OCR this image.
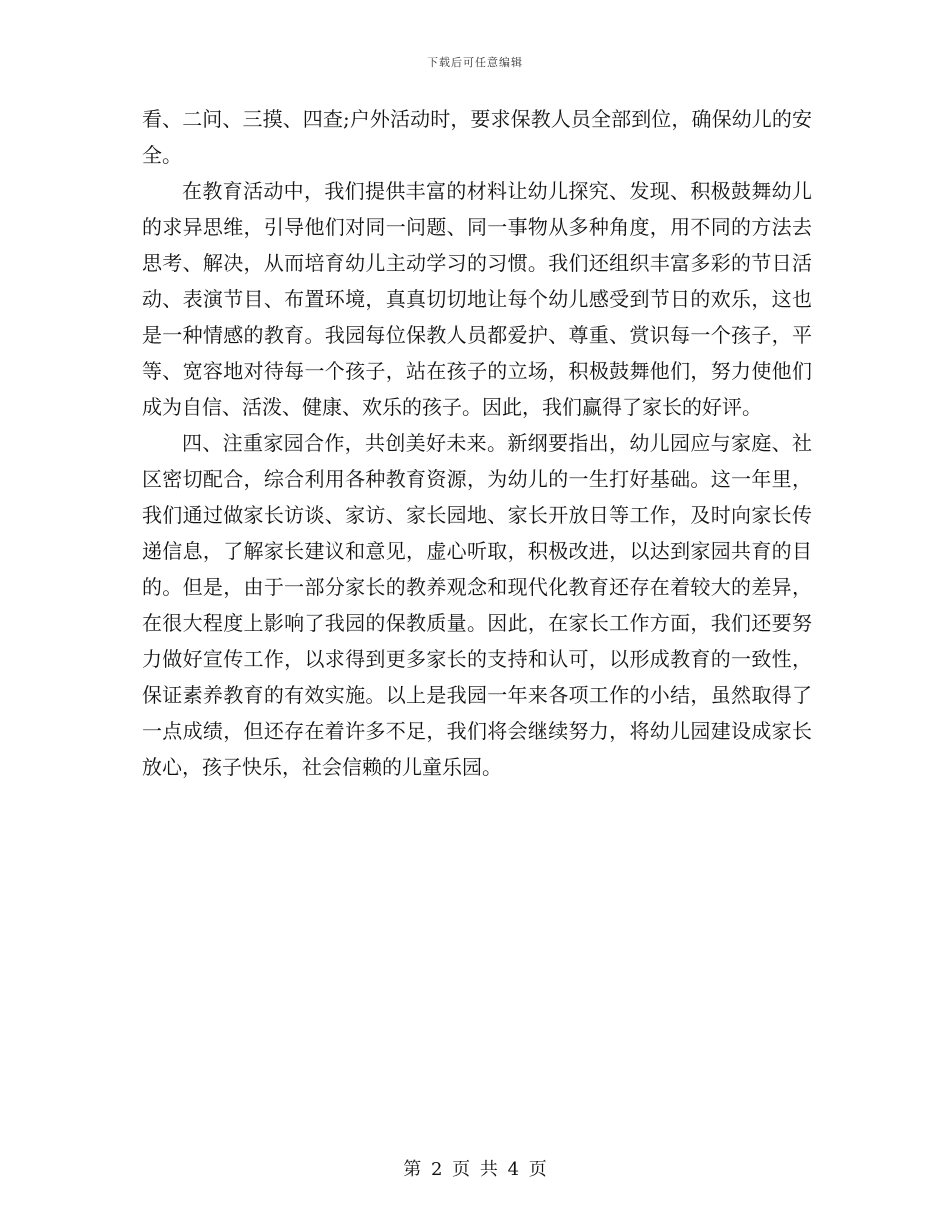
下载后可任意编辑

看、二问、三摸、四查;户外活动时，要求保教人员全部到位，确保幼儿的安全。

在教育活动中，我们提供丰富的材料让幼儿探究、发现、积极鼓舞幼儿的求异思维，引导他们对同一问题、同一事物从多种角度，用不同的方法去思考、解决，从而培育幼儿主动学习的习惯。我们还组织丰富多彩的节日活动、表演节目、布置环境，真真切切地让每个幼儿感受到节日的欢乐，这也是一种情感的教育。我园每位保教人员都爱护、尊重、赏识每一个孩子，平等、宽容地对待每一个孩子，站在孩子的立场，积极鼓舞他们，努力使他们成为自信、活泼、健康、欢乐的孩子。因此，我们赢得了家长的好评。

四、注重家园合作，共创美好未来。新纲要指出，幼儿园应与家庭、社区密切配合，综合利用各种教育资源，为幼儿的一生打好基础。这一年里，我们通过做家长访谈、家访、家长园地、家长开放日等工作，及时向家长传递信息，了解家长建议和意见，虚心听取，积极改进，以达到家园共育的目的。但是，由于一部分家长的教养观念和现代化教育还存在着较大的差异，在很大程度上影响了我园的保教质量。因此，在家长工作方面，我们还要努力做好宣传工作，以求得到更多家长的支持和认可，以形成教育的一致性，保证素养教育的有效实施。以上是我园一年来各项工作的小结，虽然取得了一点成绩，但还存在着许多不足，我们将会继续努力，将幼儿园建设成家长放心，孩子快乐，社会信赖的儿童乐园。

第 2 页 共 4 页
